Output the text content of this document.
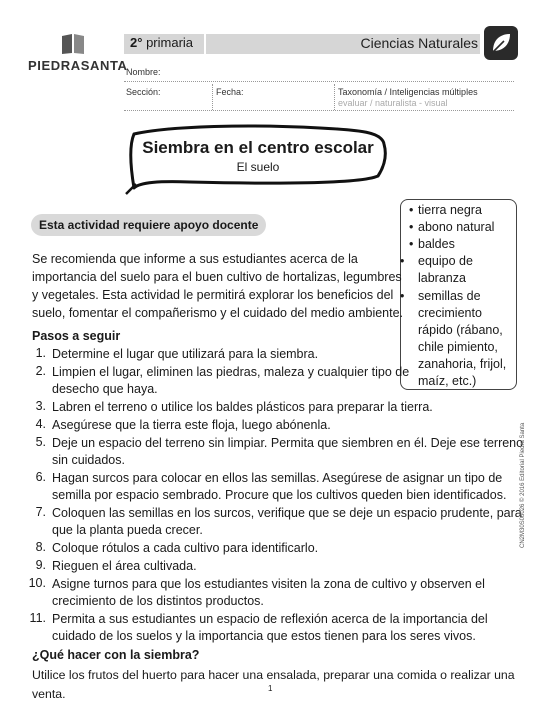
PIEDRASANTA
2° primaria	Ciencias Naturales
Nombre:
Sección:	Fecha:	Taxonomía / Inteligencias múltiples
evaluar / naturalista - visual
Siembra en el centro escolar
El suelo
Esta actividad requiere apoyo docente
• tierra negra
• abono natural
• baldes
• equipo de labranza
• semillas de crecimiento rápido (rábano, chile pimiento, zanahoria, frijol, maíz, etc.)
Se recomienda que informe a sus estudiantes acerca de la
importancia del suelo para el buen cultivo de hortalizas, legumbres
y vegetales. Esta actividad le permitirá explorar los beneficios del
suelo, fomentar el compañerismo y el cuidado del medio ambiente.
Pasos a seguir
1. Determine el lugar que utilizará para la siembra.
2. Limpien el lugar, eliminen las piedras, maleza y cualquier tipo de
desecho que haya.
3. Labren el terreno o utilice los baldes plásticos para preparar la tierra.
4. Asegúrese que la tierra este floja, luego abónenla.
5. Deje un espacio del terreno sin limpiar. Permita que siembren en él. Deje ese terreno
sin cuidados.
6. Hagan surcos para colocar en ellos las semillas. Asegúrese de asignar un tipo de
semilla por espacio sembrado. Procure que los cultivos queden bien identificados.
7. Coloquen las semillas en los surcos, verifique que se deje un espacio prudente, para
que la planta pueda crecer.
8. Coloque rótulos a cada cultivo para identificarlo.
9. Rieguen el área cultivada.
10. Asigne turnos para que los estudiantes visiten la zona de cultivo y observen el
crecimiento de los distintos productos.
11. Permita a sus estudiantes un espacio de reflexión acerca de la importancia del
cuidado de los suelos y la importancia que estos tienen para los seres vivos.
¿Qué hacer con la siembra?
Utilice los frutos del huerto para hacer una ensalada, preparar una comida o realizar una venta.
CN2M30S08026 © 2016 Editorial Piedra Santa
1
